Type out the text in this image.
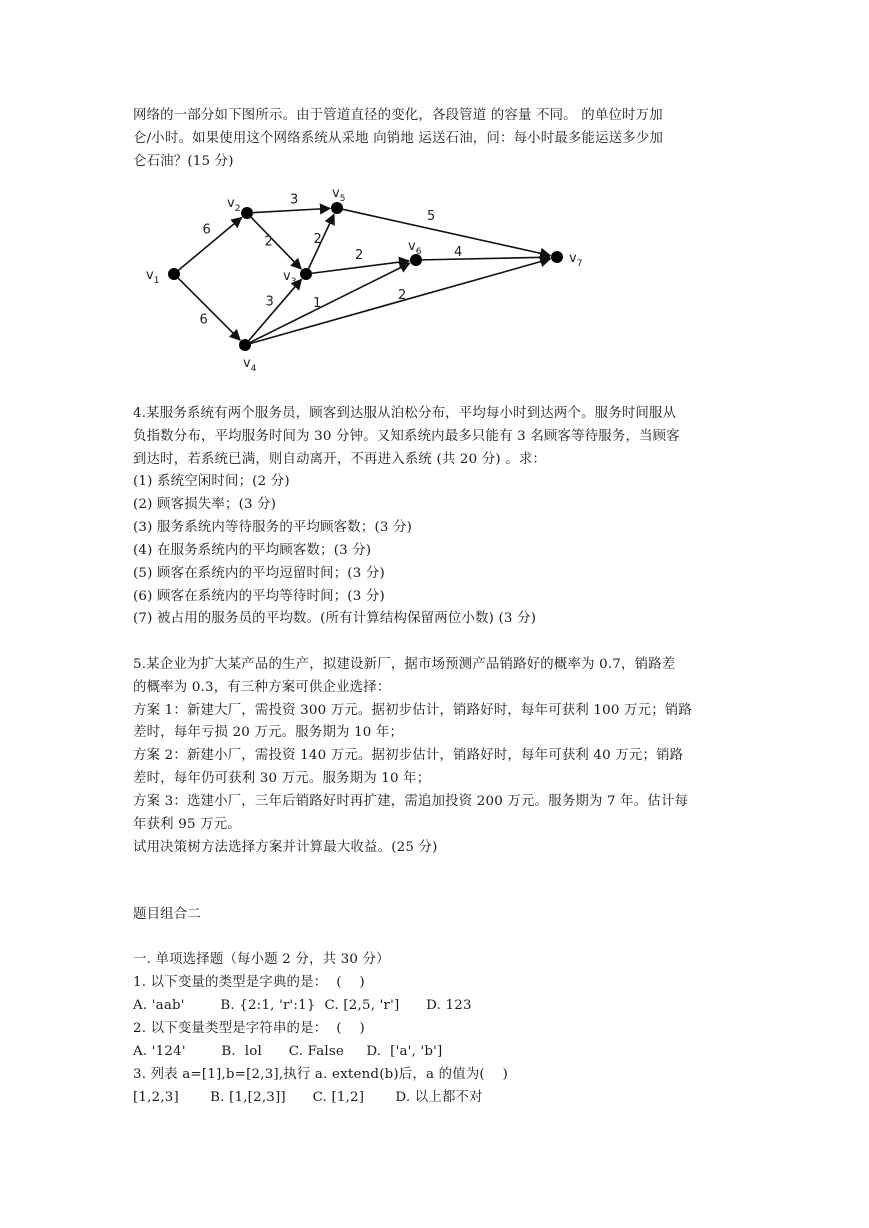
网络的一部分如下图所示。由于管道直径的变化，各段管道 的容量 不同。 的单位时万加

仑/小时。如果使用这个网络系统从采地 向销地 运送石油，问：每小时最多能运送多少加

仑石油？(15 分)

6
6
3
2	2
2
3	1
2
5
4
$v_1$
$v_2$
$v_3$
$v_4$
$v_5$
$v_6$	$v_7$

4.某服务系统有两个服务员，顾客到达服从泊松分布，平均每小时到达两个。服务时间服从

负指数分布，平均服务时间为 30 分钟。又知系统内最多只能有 3 名顾客等待服务，当顾客

到达时，若系统已满，则自动离开，不再进入系统 (共 20 分) 。求：

(1) 系统空闲时间；(2 分)

(2) 顾客损失率；(3 分)

(3) 服务系统内等待服务的平均顾客数；(3 分)

(4) 在服务系统内的平均顾客数；(3 分)

(5) 顾客在系统内的平均逗留时间；(3 分)

(6) 顾客在系统内的平均等待时间；(3 分)

(7) 被占用的服务员的平均数。(所有计算结构保留两位小数) (3 分)

5.某企业为扩大某产品的生产，拟建设新厂，据市场预测产品销路好的概率为 0.7，销路差

的概率为 0.3，有三种方案可供企业选择：

方案 1：新建大厂，需投资 300 万元。据初步估计，销路好时，每年可获利 100 万元；销路

差时，每年亏损 20 万元。服务期为 10 年；

方案 2：新建小厂，需投资 140 万元。据初步估计，销路好时，每年可获利 40 万元；销路

差时，每年仍可获利 30 万元。服务期为 10 年；

方案 3：选建小厂，三年后销路好时再扩建，需追加投资 200 万元。服务期为 7 年。估计每

年获利 95 万元。

试用决策树方法选择方案并计算最大收益。(25 分)

题目组合二

一. 单项选择题（每小题 2 分，共 30 分）

1. 以下变量的类型是字典的是：  (    )

A. 'aab'        B. {2:1, 'r':1}  C. [2,5, 'r']      D. 123

2. 以下变量类型是字符串的是：  (    )

A. '124'        B.  lol      C. False     D.  ['a', 'b']

3. 列表 a=[1],b=[2,3],执行 a. extend(b)后，a 的值为(    )

[1,2,3]       B. [1,[2,3]]      C. [1,2]       D. 以上都不对
